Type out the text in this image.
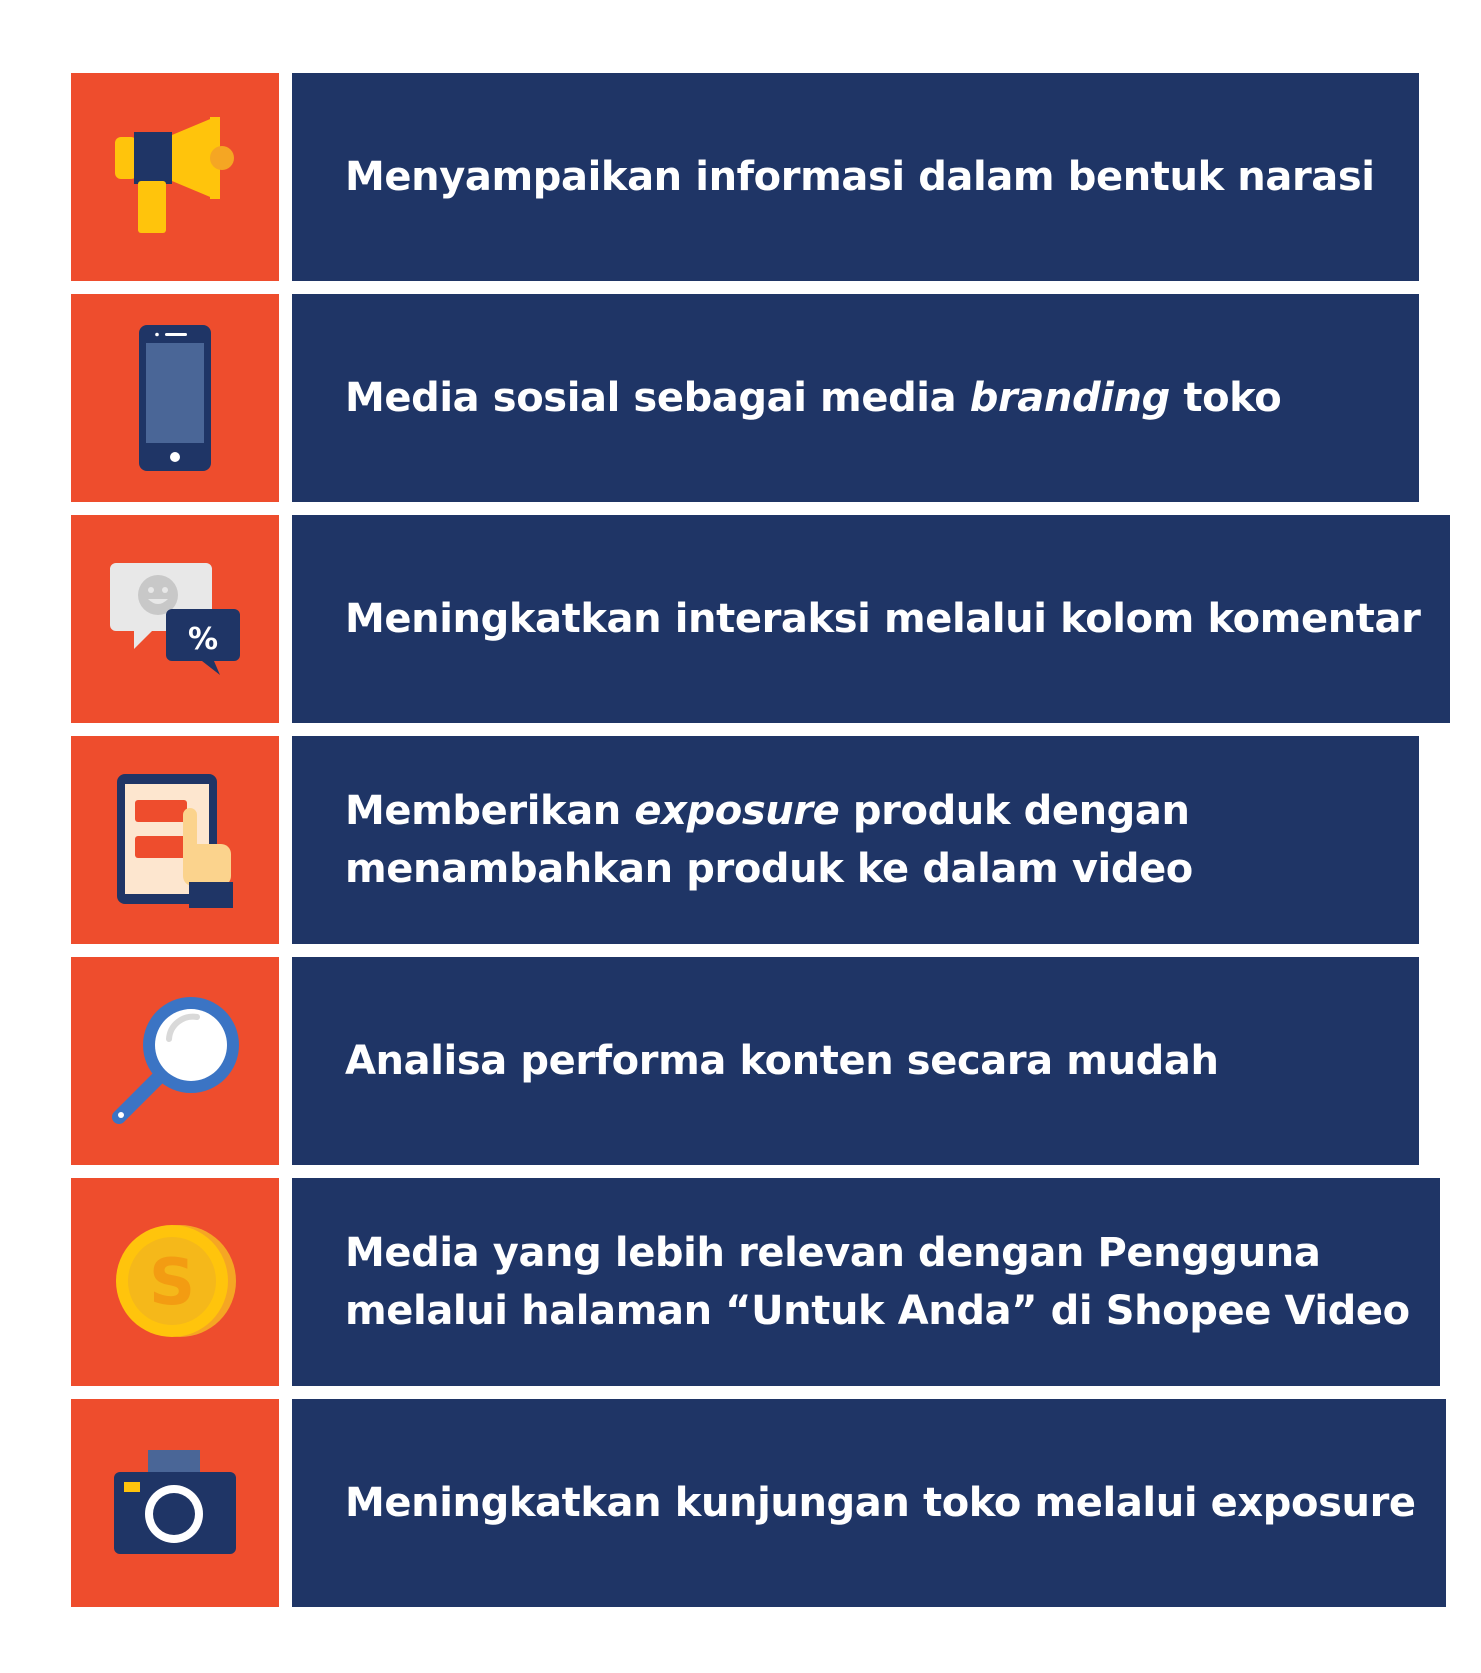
Menyampaikan informasi dalam bentuk narasi
Media sosial sebagai media branding toko
%	Meningkatkan interaksi melalui kolom komentar
Memberikan exposure produk dengan
menambahkan produk ke dalam video
Analisa performa konten secara mudah
S	Media yang lebih relevan dengan Pengguna
melalui halaman “Untuk Anda” di Shopee Video
Meningkatkan kunjungan toko melalui exposure
